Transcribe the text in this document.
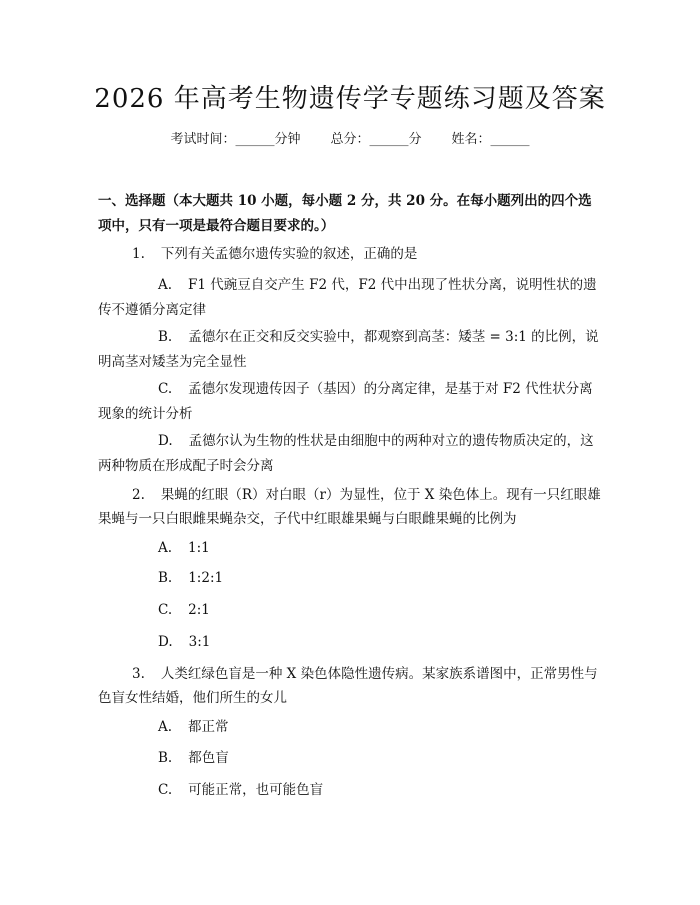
2026 年高考生物遗传学专题练习题及答案
考试时间：______分钟 总分：______分 姓名：______
一、选择题（本大题共 10 小题，每小题 2 分，共 20 分。在每小题列出的四个选项中，只有一项是最符合题目要求的。）
1. 下列有关孟德尔遗传实验的叙述，正确的是
A. F1 代豌豆自交产生 F2 代，F2 代中出现了性状分离，说明性状的遗传不遵循分离定律
B. 孟德尔在正交和反交实验中，都观察到高茎：矮茎 = 3:1 的比例，说明高茎对矮茎为完全显性
C. 孟德尔发现遗传因子（基因）的分离定律，是基于对 F2 代性状分离现象的统计分析
D. 孟德尔认为生物的性状是由细胞中的两种对立的遗传物质决定的，这两种物质在形成配子时会分离
2. 果蝇的红眼（R）对白眼（r）为显性，位于 X 染色体上。现有一只红眼雄果蝇与一只白眼雌果蝇杂交，子代中红眼雄果蝇与白眼雌果蝇的比例为
A. 1:1
B. 1:2:1
C. 2:1
D. 3:1
3. 人类红绿色盲是一种 X 染色体隐性遗传病。某家族系谱图中，正常男性与色盲女性结婚，他们所生的女儿
A. 都正常
B. 都色盲
C. 可能正常，也可能色盲
